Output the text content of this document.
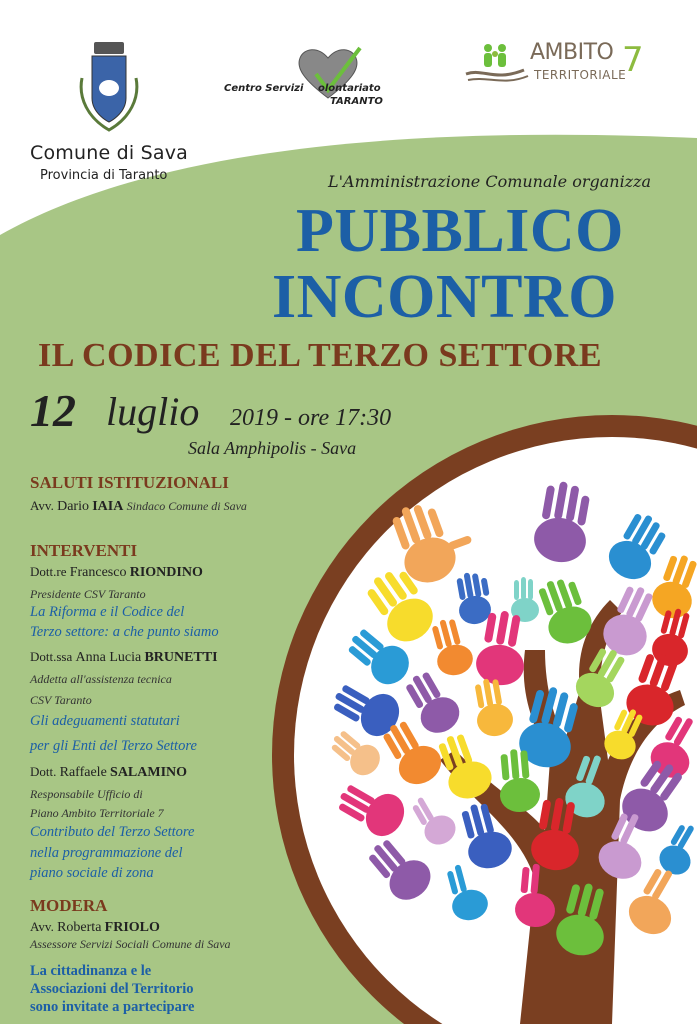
Comune di Sava
Provincia di Taranto
Centro Servizi olontariato
TARANTO
AMBITO 7
TERRITORIALE
L'Amministrazione Comunale organizza
PUBBLICO
INCONTRO
IL CODICE DEL TERZO SETTORE
12 luglio 2019 - ore 17:30
Sala Amphipolis - Sava
SALUTI ISTITUZIONALI
Avv. Dario IAIA Sindaco Comune di Sava
INTERVENTI
Dott.re Francesco RIONDINO
Presidente CSV Taranto
La Riforma e il Codice del
Terzo settore: a che punto siamo
Dott.ssa Anna Lucia BRUNETTI
Addetta all'assistenza tecnica
CSV Taranto
Gli adeguamenti statutari
per gli Enti del Terzo Settore
Dott. Raffaele SALAMINO
Responsabile Ufficio di
Piano Ambito Territoriale 7
Contributo del Terzo Settore
nella programmazione del
piano sociale di zona
MODERA
Avv. Roberta FRIOLO
Assessore Servizi Sociali Comune di Sava
La cittadinanza e le
Associazioni del Territorio
sono invitate a partecipare
